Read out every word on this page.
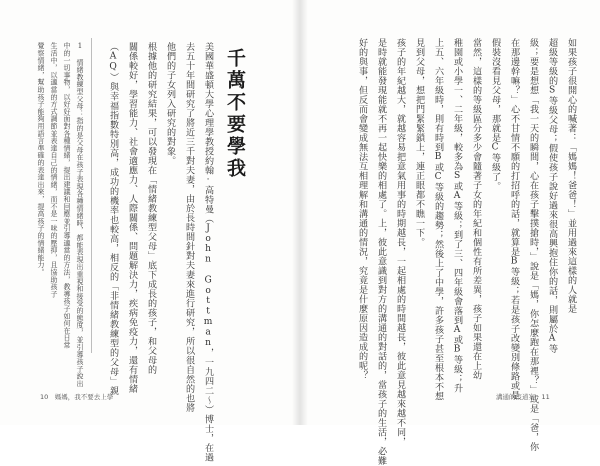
千萬不要學我
美國華盛頓大學心理學教授約翰·高特曼（John Gottman，一九四二～）博士，在過
去五十年間研究了將近三千對夫妻，由於長時間針對夫妻來進行研究，所以很自然的也將
他們的子女列入研究的對象。
根據他的研究結果，可以發現在「情緒教練型父母」底下成長的孩子，和父母的
關係較好，學習能力、社會適應力、人際關係、問題解決力，疾病免疫力，還有情緒
（AQ）與幸福指數特別高，成功的機率也較高，相反的「非情緒教練型的父母」親
1 情緒教練型父母：指的是父母在孩子表現各種情緒時，都能表現出重視和接受的態度，並引導孩子說出
中的一切事物，以好好面對各種情緒，提出建議和回應並引導適當的方法，教導孩子如何在日常
生活中，以適當的方式調節並表達自己的情緒，而不是一味的壓抑，且協助孩子
覺察情緒，幫助孩子能夠用語言準確的表達出來，提高孩子的情緒能力。
10　媽媽，我不要去上學
如果孩子很開心的喊著：「媽媽！爸爸！」並用過來這樣的人就是
超級等級的S等級父母；假使孩子說好過來很高興抱住你的話，則屬於A等
級；要是想想「我一天的瞬間，心在孩子擊撲搶時，」說是「媽，你怎麼跑在那裡？」或是「爸，你
在那邊幹嘛？」心不甘情不願的打招呼的話，就算是B等級；若是孩子改變別條路或是
假裝沒看見父母，那就是C等級了。
當然，這樣的等級區分多少會隨著子女的年紀和個性有所差異，孩子如果還在上幼
稚園或小學一、二年級，較多為S或A等級；到了三、四年級會落到A或B等級；升
上五、六年級時，則有時到B或C等級的趨勢；然後上了中學，許多孩子甚至根本不想
見到父母，想把門緊緊鎖上，連正眼都不瞧一下。
孩子的年紀越大，就越容易把意氣用事的時期越長，一起相處的時間越長，彼此意見越來越不同，
是時就能發現能就不再一起快樂的相處了。上，彼此意識到對方的溝通的對話的，當孩子的生活，必難
好的與事，但反而會變成無法互相理解和溝通的情況，究竟是什麼原因造成的呢？
溝通的沒道案　11
